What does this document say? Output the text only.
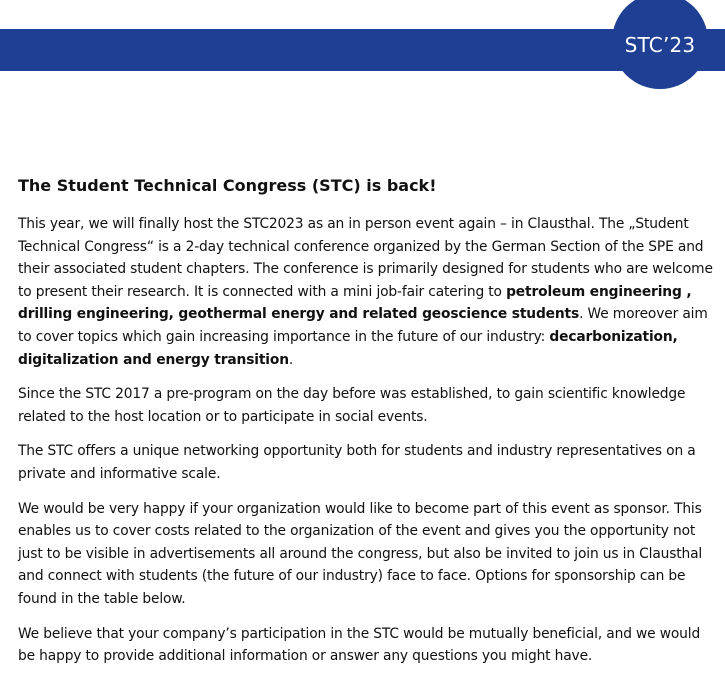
STC’23
The Student Technical Congress (STC) is back!

This year, we will finally host the STC2023 as an in person event again – in Clausthal. The „Student Technical Congress“ is a 2-day technical conference organized by the German Section of the SPE and their associated student chapters. The conference is primarily designed for students who are welcome to present their research. It is connected with a mini job-fair catering to petroleum engineering , drilling engineering, geothermal energy and related geoscience students. We moreover aim to cover topics which gain increasing importance in the future of our industry: decarbonization, digitalization and energy transition.

Since the STC 2017 a pre-program on the day before was established, to gain scientific knowledge related to the host location or to participate in social events.

The STC offers a unique networking opportunity both for students and industry representatives on a private and informative scale.

We would be very happy if your organization would like to become part of this event as sponsor. This enables us to cover costs related to the organization of the event and gives you the opportunity not just to be visible in advertisements all around the congress, but also be invited to join us in Clausthal and connect with students (the future of our industry) face to face. Options for sponsorship can be found in the table below.

We believe that your company’s participation in the STC would be mutually beneficial, and we would be happy to provide additional information or answer any questions you might have.
